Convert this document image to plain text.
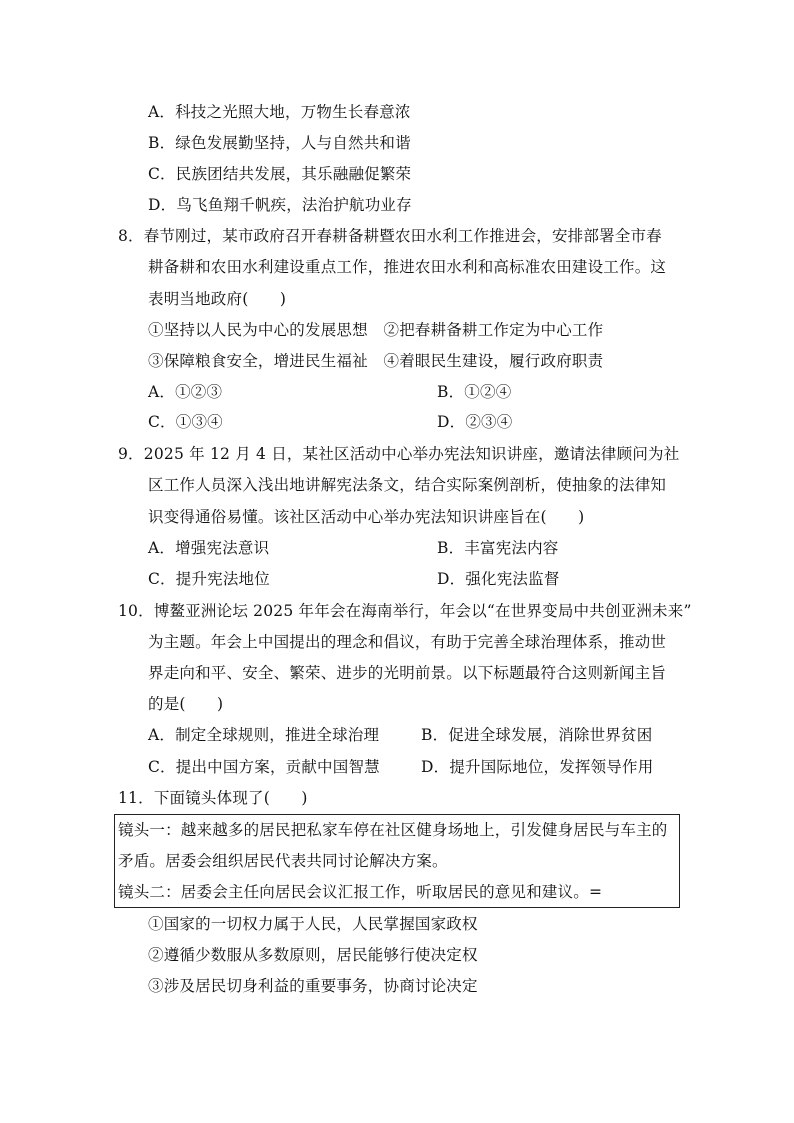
A．科技之光照大地，万物生长春意浓
B．绿色发展勤坚持，人与自然共和谐
C．民族团结共发展，其乐融融促繁荣
D．鸟飞鱼翔千帆疾，法治护航功业存
8．春节刚过，某市政府召开春耕备耕暨农田水利工作推进会，安排部署全市春
耕备耕和农田水利建设重点工作，推进农田水利和高标准农田建设工作。这
表明当地政府(　　)
①坚持以人民为中心的发展思想　②把春耕备耕工作定为中心工作
③保障粮食安全，增进民生福祉　④着眼民生建设，履行政府职责
A．①②③	B．①②④
C．①③④	D．②③④
9．2025 年 12 月 4 日，某社区活动中心举办宪法知识讲座，邀请法律顾问为社
区工作人员深入浅出地讲解宪法条文，结合实际案例剖析，使抽象的法律知
识变得通俗易懂。该社区活动中心举办宪法知识讲座旨在(　　)
A．增强宪法意识	B．丰富宪法内容
C．提升宪法地位	D．强化宪法监督
10．博鳌亚洲论坛 2025 年年会在海南举行，年会以“在世界变局中共创亚洲未来”
为主题。年会上中国提出的理念和倡议，有助于完善全球治理体系，推动世
界走向和平、安全、繁荣、进步的光明前景。以下标题最符合这则新闻主旨
的是(　　)
A．制定全球规则，推进全球治理	B．促进全球发展，消除世界贫困
C．提出中国方案，贡献中国智慧	D．提升国际地位，发挥领导作用
11．下面镜头体现了(　　)
镜头一：越来越多的居民把私家车停在社区健身场地上，引发健身居民与车主的
矛盾。居委会组织居民代表共同讨论解决方案。
镜头二：居委会主任向居民会议汇报工作，听取居民的意见和建议。=
①国家的一切权力属于人民，人民掌握国家政权
②遵循少数服从多数原则，居民能够行使决定权
③涉及居民切身利益的重要事务，协商讨论决定
